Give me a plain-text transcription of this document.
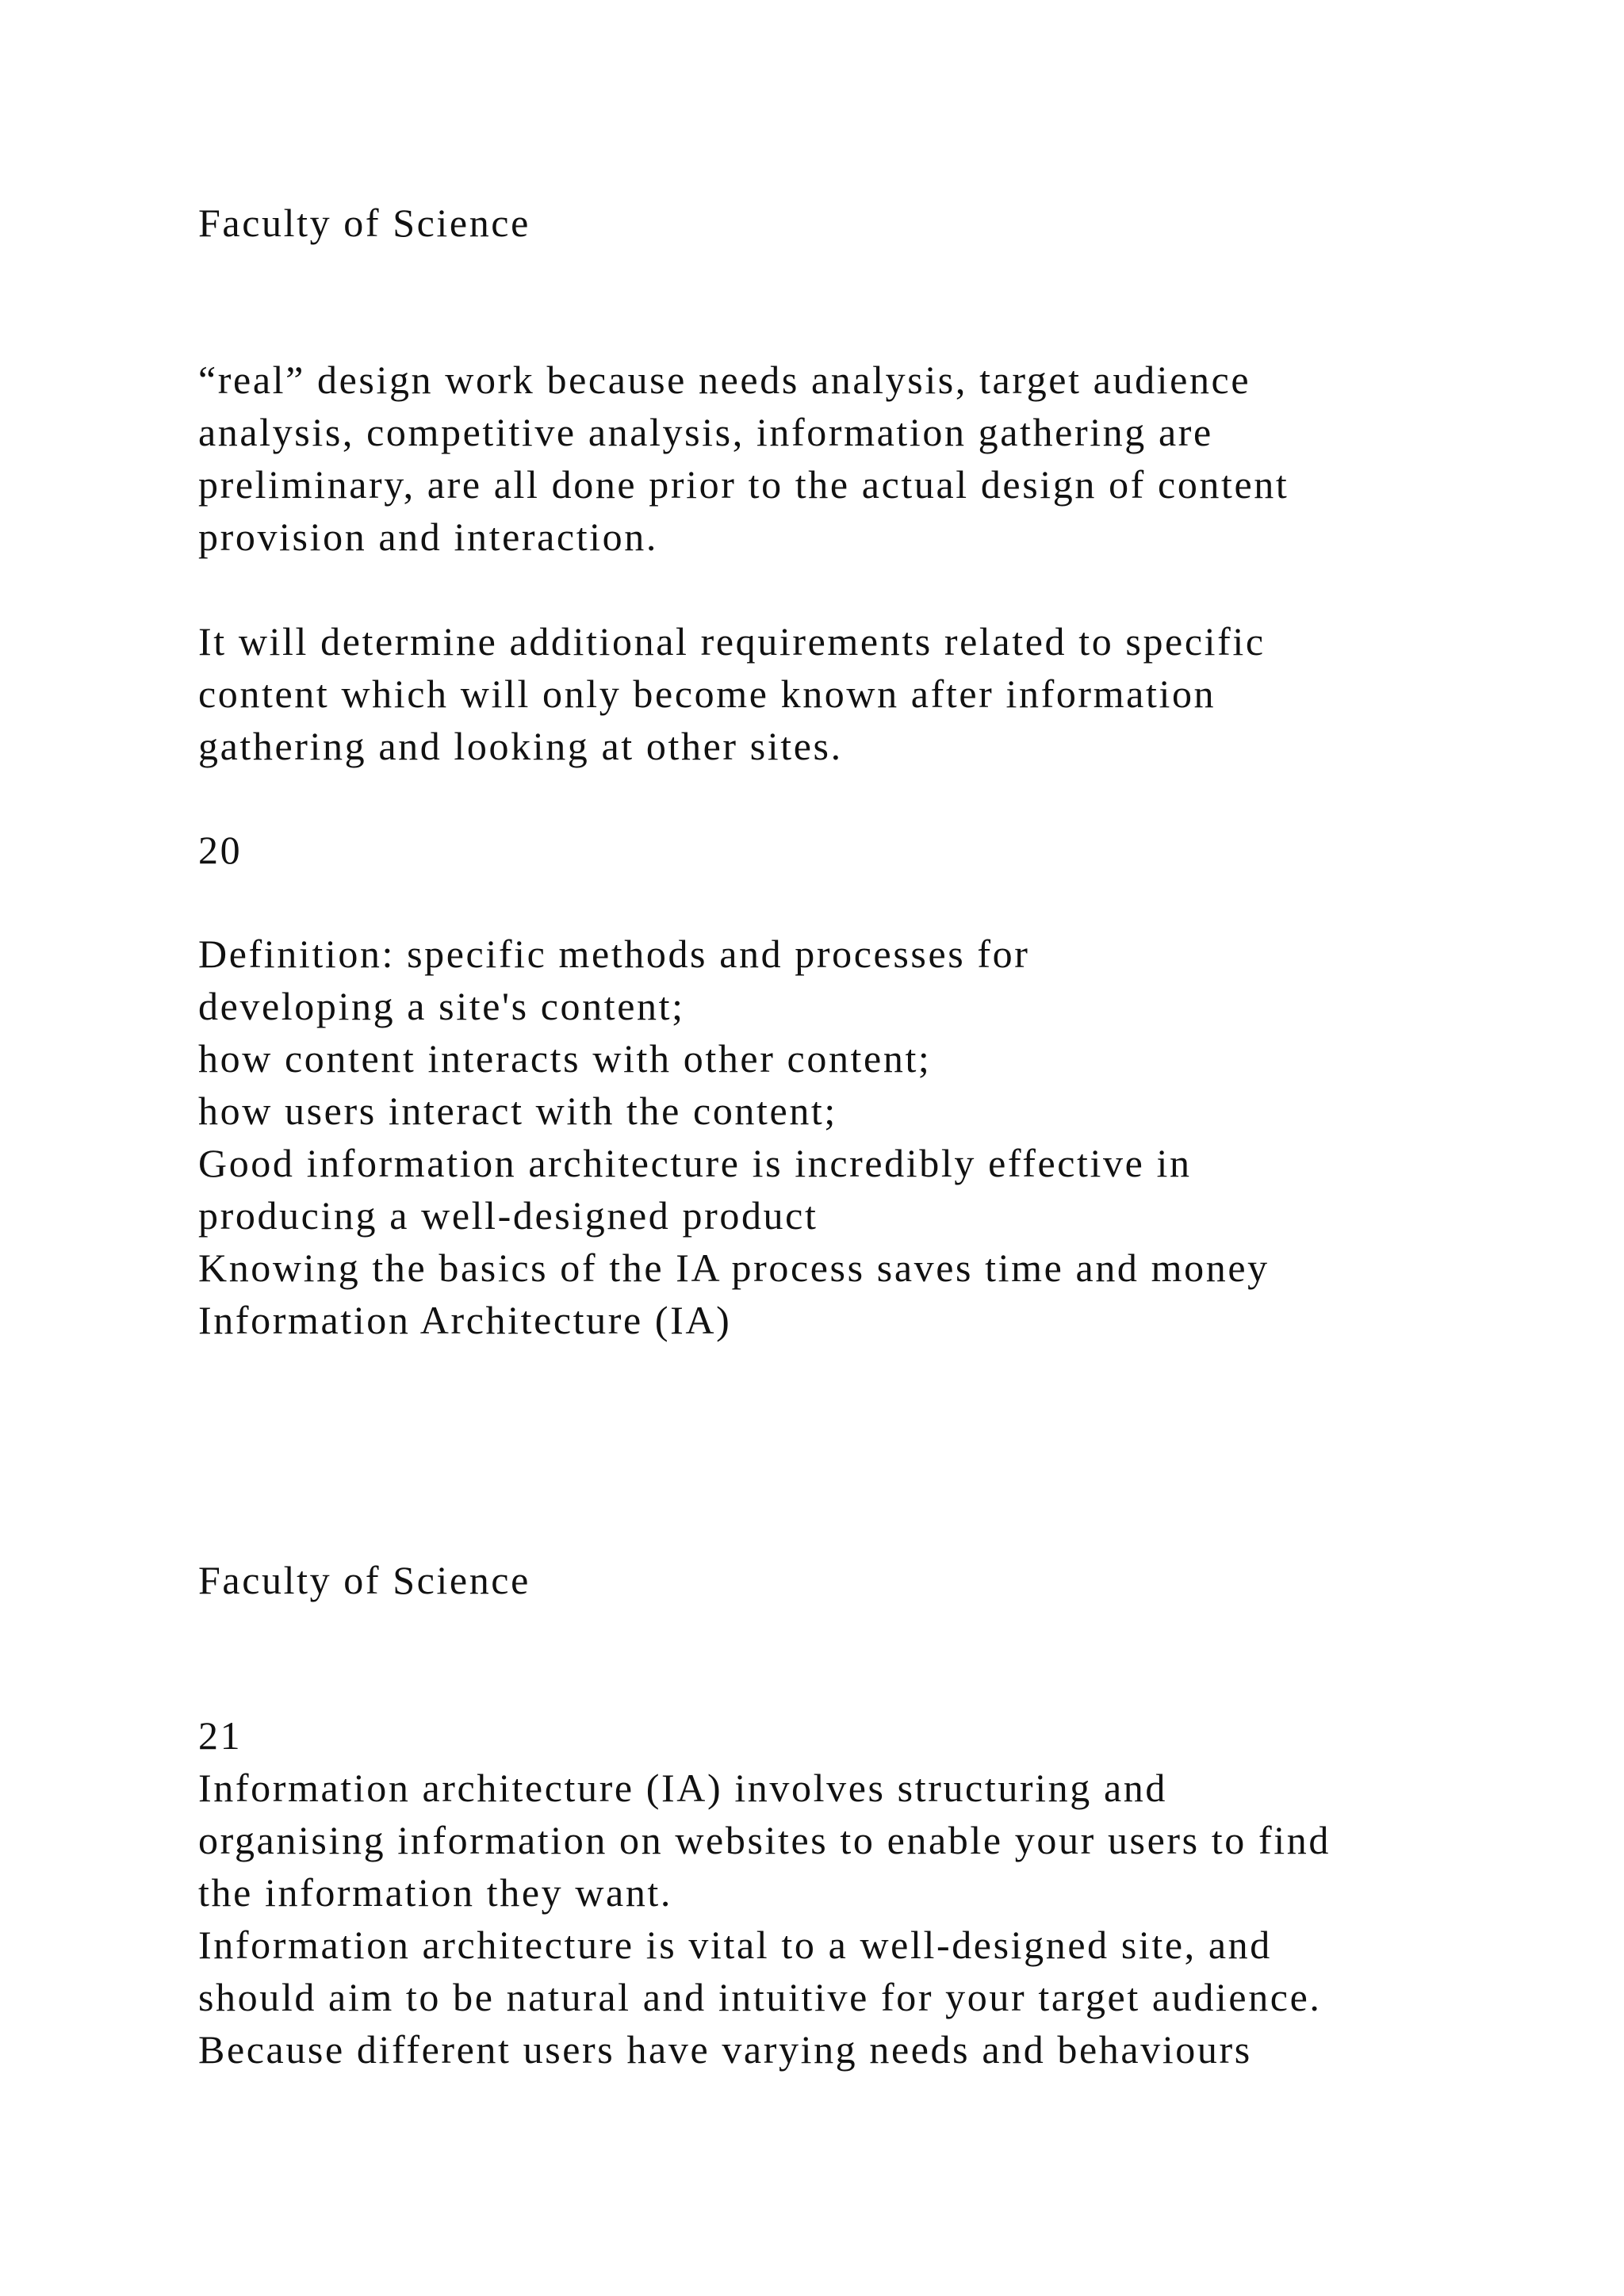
Faculty of Science
“real” design work because needs analysis, target audience
analysis, competitive analysis, information gathering are
preliminary, are all done prior to the actual design of content
provision and interaction.
It will determine additional requirements related to specific
content which will only become known after information
gathering and looking at other sites.
20
Definition: specific methods and processes for
developing a site's content;
how content interacts with other content;
how users interact with the content;
Good information architecture is incredibly effective in
producing a well-designed product
Knowing the basics of the IA process saves time and money
Information Architecture (IA)
Faculty of Science
21
Information architecture (IA) involves structuring and
organising information on websites to enable your users to find
the information they want.
Information architecture is vital to a well-designed site, and
should aim to be natural and intuitive for your target audience.
Because different users have varying needs and behaviours
